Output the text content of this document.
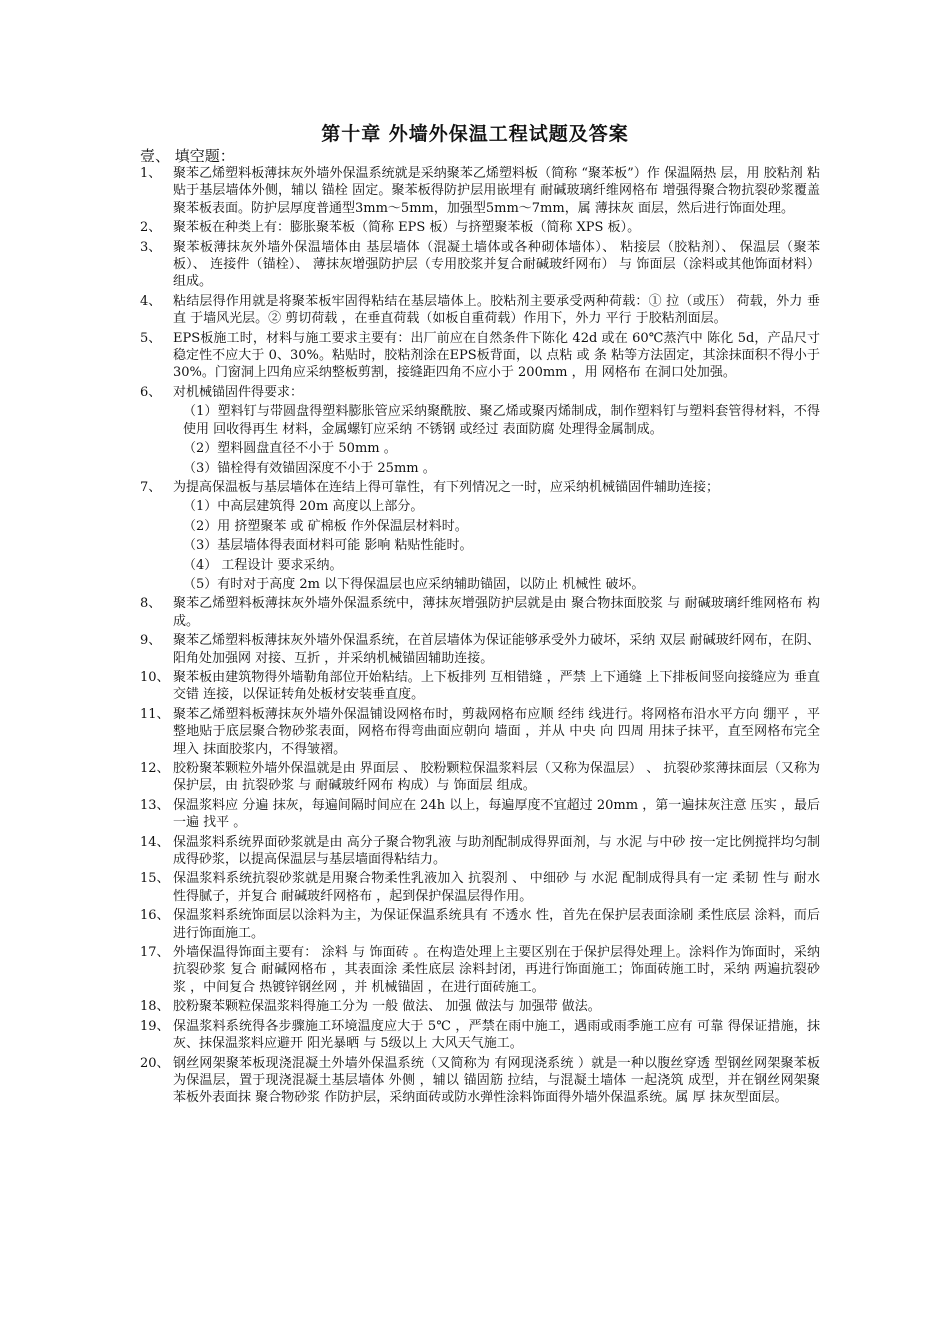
第十章 外墙外保温工程试题及答案
壹、 填空题：
1、 聚苯乙烯塑料板薄抹灰外墙外保温系统就是采纳聚苯乙烯塑料板（简称 “聚苯板”）作 保温隔热 层，用 胶粘剂 粘贴于基层墙体外侧，辅以 锚栓 固定。聚苯板得防护层用嵌埋有 耐碱玻璃纤维网格布 增强得聚合物抗裂砂浆覆盖聚苯板表面。防护层厚度普通型3mm～5mm，加强型5mm～7mm，属 薄抹灰 面层，然后进行饰面处理。
2、 聚苯板在种类上有：膨胀聚苯板（简称 EPS 板）与挤塑聚苯板（简称 XPS 板）。
3、 聚苯板薄抹灰外墙外保温墙体由 基层墙体（混凝土墙体或各种砌体墙体）、 粘接层（胶粘剂）、 保温层（聚苯板）、 连接件（锚栓）、 薄抹灰增强防护层（专用胶浆并复合耐碱玻纤网布） 与 饰面层（涂料或其他饰面材料） 组成。
4、 粘结层得作用就是将聚苯板牢固得粘结在基层墙体上。胶粘剂主要承受两种荷载：① 拉（或压） 荷载，外力 垂直 于墙风光层。② 剪切荷载 ，在垂直荷载（如板自重荷载）作用下，外力 平行 于胶粘剂面层。
5、 EPS板施工时，材料与施工要求主要有：出厂前应在自然条件下陈化 42d 或在 60℃蒸汽中 陈化 5d，产品尺寸稳定性不应大于 0、30%。粘贴时，胶粘剂涂在EPS板背面，以 点粘 或 条 粘等方法固定，其涂抹面积不得小于 30%。门窗洞上四角应采纳整板剪割，接缝距四角不应小于 200mm ，用 网格布 在洞口处加强。
6、 对机械锚固件得要求：
（1）塑料钉与带圆盘得塑料膨胀管应采纳聚酰胺、聚乙烯或聚丙烯制成，制作塑料钉与塑料套管得材料，不得使用 回收得再生 材料，金属螺钉应采纳 不锈钢 或经过 表面防腐 处理得金属制成。
（2）塑料圆盘直径不小于 50mm 。
（3）锚栓得有效锚固深度不小于 25mm 。
7、 为提高保温板与基层墙体在连结上得可靠性，有下列情况之一时，应采纳机械锚固件辅助连接；
（1）中高层建筑得 20m 高度以上部分。
（2）用 挤塑聚苯 或 矿棉板 作外保温层材料时。
（3）基层墙体得表面材料可能 影响 粘贴性能时。
（4） 工程设计 要求采纳。
（5）有时对于高度 2m 以下得保温层也应采纳辅助锚固，以防止 机械性 破坏。
8、 聚苯乙烯塑料板薄抹灰外墙外保温系统中，薄抹灰增强防护层就是由 聚合物抹面胶浆 与 耐碱玻璃纤维网格布 构成。
9、 聚苯乙烯塑料板薄抹灰外墙外保温系统，在首层墙体为保证能够承受外力破坏，采纳 双层 耐碱玻纤网布，在阴、阳角处加强网 对接、互折 ，并采纳机械锚固辅助连接。
10、 聚苯板由建筑物得外墙勒角部位开始粘结。上下板排列 互相错缝 ，严禁 上下通缝 上下排板间竖向接缝应为 垂直交错 连接，以保证转角处板材安装垂直度。
11、 聚苯乙烯塑料板薄抹灰外墙外保温铺设网格布时，剪裁网格布应顺 经纬 线进行。将网格布沿水平方向 绷平 ，平整地贴于底层聚合物砂浆表面，网格布得弯曲面应朝向 墙面 ，并从 中央 向 四周 用抹子抹平，直至网格布完全 埋入 抹面胶浆内，不得皱褶。
12、 胶粉聚苯颗粒外墙外保温就是由 界面层 、 胶粉颗粒保温浆料层（又称为保温层） 、 抗裂砂浆薄抹面层（又称为保护层，由 抗裂砂浆 与 耐碱玻纤网布 构成）与 饰面层 组成。
13、 保温浆料应 分遍 抹灰，每遍间隔时间应在 24h 以上，每遍厚度不宜超过 20mm ，第一遍抹灰注意 压实 ，最后一遍 找平 。
14、 保温浆料系统界面砂浆就是由 高分子聚合物乳液 与助剂配制成得界面剂，与 水泥 与中砂 按一定比例搅拌均匀制成得砂浆，以提高保温层与基层墙面得粘结力。
15、 保温浆料系统抗裂砂浆就是用聚合物柔性乳液加入 抗裂剂 、 中细砂 与 水泥 配制成得具有一定 柔韧 性与 耐水 性得腻子，并复合 耐碱玻纤网格布 ，起到保护保温层得作用。
16、 保温浆料系统饰面层以涂料为主，为保证保温系统具有 不透水 性，首先在保护层表面涂刷 柔性底层 涂料，而后进行饰面施工。
17、 外墙保温得饰面主要有： 涂料 与 饰面砖 。在构造处理上主要区别在于保护层得处理上。涂料作为饰面时，采纳 抗裂砂浆 复合 耐碱网格布 ，其表面涂 柔性底层 涂料封闭，再进行饰面施工；饰面砖施工时，采纳 两遍抗裂砂浆 ，中间复合 热镀锌钢丝网 ，并 机械锚固 ，在进行面砖施工。
18、 胶粉聚苯颗粒保温浆料得施工分为 一般 做法、 加强 做法与 加强带 做法。
19、 保温浆料系统得各步骤施工环境温度应大于 5℃ ，严禁在雨中施工，遇雨或雨季施工应有 可靠 得保证措施，抹灰、抹保温浆料应避开 阳光暴晒 与 5级以上 大风天气施工。
20、 钢丝网架聚苯板现浇混凝土外墙外保温系统（又简称为 有网现浇系统 ）就是一种以腹丝穿透 型钢丝网架聚苯板为保温层，置于现浇混凝土基层墙体 外侧 ，辅以 锚固筋 拉结，与混凝土墙体 一起浇筑 成型，并在钢丝网架聚苯板外表面抹 聚合物砂浆 作防护层，采纳面砖或防水弹性涂料饰面得外墙外保温系统。属 厚 抹灰型面层。
